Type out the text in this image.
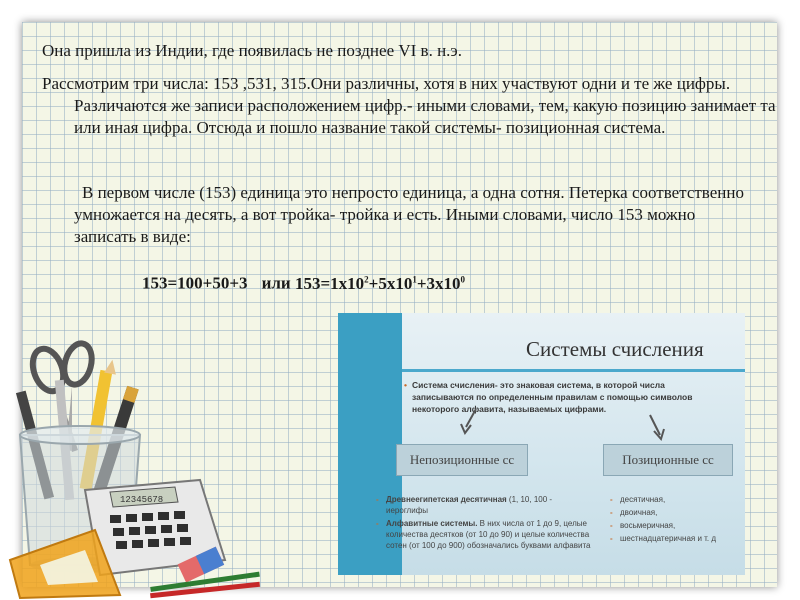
Она пришла из Индии, где появилась не позднее VI в. н.э.

Рассмотрим три числа: 153 ,531, 315.Они различны, хотя в них участвуют одни и те же цифры. Различаются же записи расположением цифр.- иными словами, тем, какую позицию занимает та или иная цифра. Отсюда и пошло название такой системы- позиционная система.

В первом числе (153) единица это непросто единица, а одна сотня. Петерка соответственно умножается на десять, а вот тройка- тройка и есть. Иными словами, число 153 можно записать в виде:

153=100+50+3 или $153=1x10^2+5x10^1+3x10^0$

Системы счисления
• Система счисления- это знаковая система, в которой числа записываются по определенным правилам с помощью символов некоторого алфавита, называемых цифрами.
Непозиционные сс	Позиционные сс
- Древнеегипетская десятичная (1, 10, 100 - иероглифы
- Алфавитные системы. В них числа от 1 до 9, целые количества десятков (от 10 до 90) и целые количества сотен (от 100 до 900) обозначались буквами алфавита
- десятичная,
- двоичная,
- восьмеричная,
- шестнадцатеричная и т. д
12345678
